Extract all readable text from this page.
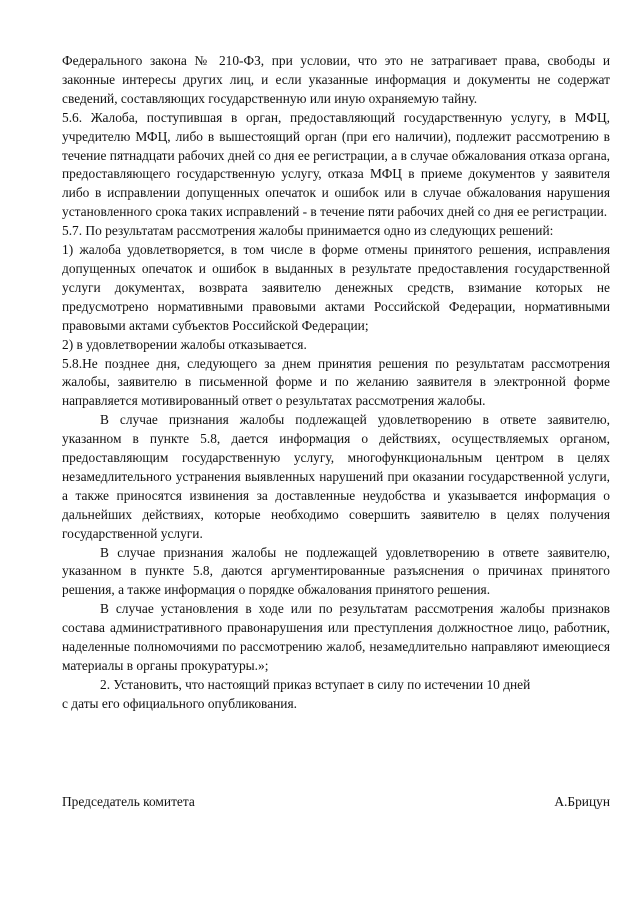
Федерального закона № 210-ФЗ, при условии, что это не затрагивает права, свободы и законные интересы других лиц, и если указанные информация и документы не содержат сведений, составляющих государственную или иную охраняемую тайну.

5.6. Жалоба, поступившая в орган, предоставляющий государственную услугу, в МФЦ, учредителю МФЦ, либо в вышестоящий орган (при его наличии), подлежит рассмотрению в течение пятнадцати рабочих дней со дня ее регистрации, а в случае обжалования отказа органа, предоставляющего государственную услугу, отказа МФЦ в приеме документов у заявителя либо в исправлении допущенных опечаток и ошибок или в случае обжалования нарушения установленного срока таких исправлений - в течение пяти рабочих дней со дня ее регистрации.

5.7. По результатам рассмотрения жалобы принимается одно из следующих решений:

1) жалоба удовлетворяется, в том числе в форме отмены принятого решения, исправления допущенных опечаток и ошибок в выданных в результате предоставления государственной услуги документах, возврата заявителю денежных средств, взимание которых не предусмотрено нормативными правовыми актами Российской Федерации, нормативными правовыми актами субъектов Российской Федерации;

2) в удовлетворении жалобы отказывается.

5.8.Не позднее дня, следующего за днем принятия решения по результатам рассмотрения жалобы, заявителю в письменной форме и по желанию заявителя в электронной форме направляется мотивированный ответ о результатах рассмотрения жалобы.

В случае признания жалобы подлежащей удовлетворению в ответе заявителю, указанном в пункте 5.8, дается информация о действиях, осуществляемых органом, предоставляющим государственную услугу, многофункциональным центром в целях незамедлительного устранения выявленных нарушений при оказании государственной услуги, а также приносятся извинения за доставленные неудобства и указывается информация о дальнейших действиях, которые необходимо совершить заявителю в целях получения государственной услуги.

В случае признания жалобы не подлежащей удовлетворению в ответе заявителю, указанном в пункте 5.8, даются аргументированные разъяснения о причинах принятого решения, а также информация о порядке обжалования принятого решения.

В случае установления в ходе или по результатам рассмотрения жалобы признаков состава административного правонарушения или преступления должностное лицо, работник, наделенные полномочиями по рассмотрению жалоб, незамедлительно направляют имеющиеся материалы в органы прокуратуры.»;

2. Установить, что настоящий приказ вступает в силу по истечении 10 дней

с даты его официального опубликования.

Председатель комитета	А.Брицун
